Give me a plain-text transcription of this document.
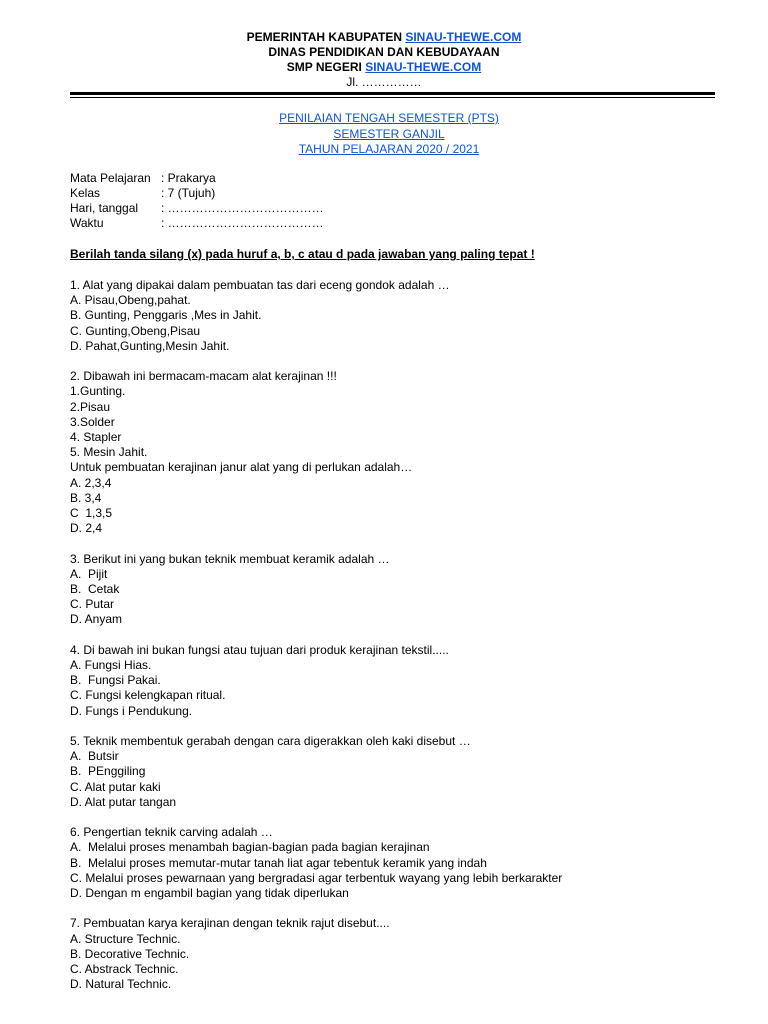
PEMERINTAH KABUPATEN SINAU-THEWE.COM
DINAS PENDIDIKAN DAN KEBUDAYAAN
SMP NEGERI SINAU-THEWE.COM
Jl. ……………
PENILAIAN TENGAH SEMESTER (PTS)
SEMESTER GANJIL
TAHUN PELAJARAN 2020 / 2021
Mata Pelajaran : Prakarya
Kelas	: 7 (Tujuh)
Hari, tanggal	: …………………………………
Waktu	: …………………………………
Berilah tanda silang (x) pada huruf a, b, c atau d pada jawaban yang paling tepat !
1. Alat yang dipakai dalam pembuatan tas dari eceng gondok adalah …
A. Pisau,Obeng,pahat.
B. Gunting, Penggaris ,Mes in Jahit.
C. Gunting,Obeng,Pisau
D. Pahat,Gunting,Mesin Jahit.
2. Dibawah ini bermacam-macam alat kerajinan !!!
1.Gunting.
2.Pisau
3.Solder
4. Stapler
5. Mesin Jahit.
Untuk pembuatan kerajinan janur alat yang di perlukan adalah…
A. 2,3,4
B. 3,4
C  1,3,5
D. 2,4
3. Berikut ini yang bukan teknik membuat keramik adalah …
A.  Pijit
B.  Cetak
C. Putar
D. Anyam
4. Di bawah ini bukan fungsi atau tujuan dari produk kerajinan tekstil.....
A. Fungsi Hias.
B.  Fungsi Pakai.
C. Fungsi kelengkapan ritual.
D. Fungs i Pendukung.
5. Teknik membentuk gerabah dengan cara digerakkan oleh kaki disebut …
A.  Butsir
B.  PEnggiling
C. Alat putar kaki
D. Alat putar tangan
6. Pengertian teknik carving adalah …
A.  Melalui proses menambah bagian-bagian pada bagian kerajinan
B.  Melalui proses memutar-mutar tanah liat agar tebentuk keramik yang indah
C. Melalui proses pewarnaan yang bergradasi agar terbentuk wayang yang lebih berkarakter
D. Dengan m engambil bagian yang tidak diperlukan
7. Pembuatan karya kerajinan dengan teknik rajut disebut....
A. Structure Technic.
B. Decorative Technic.
C. Abstrack Technic.
D. Natural Technic.
